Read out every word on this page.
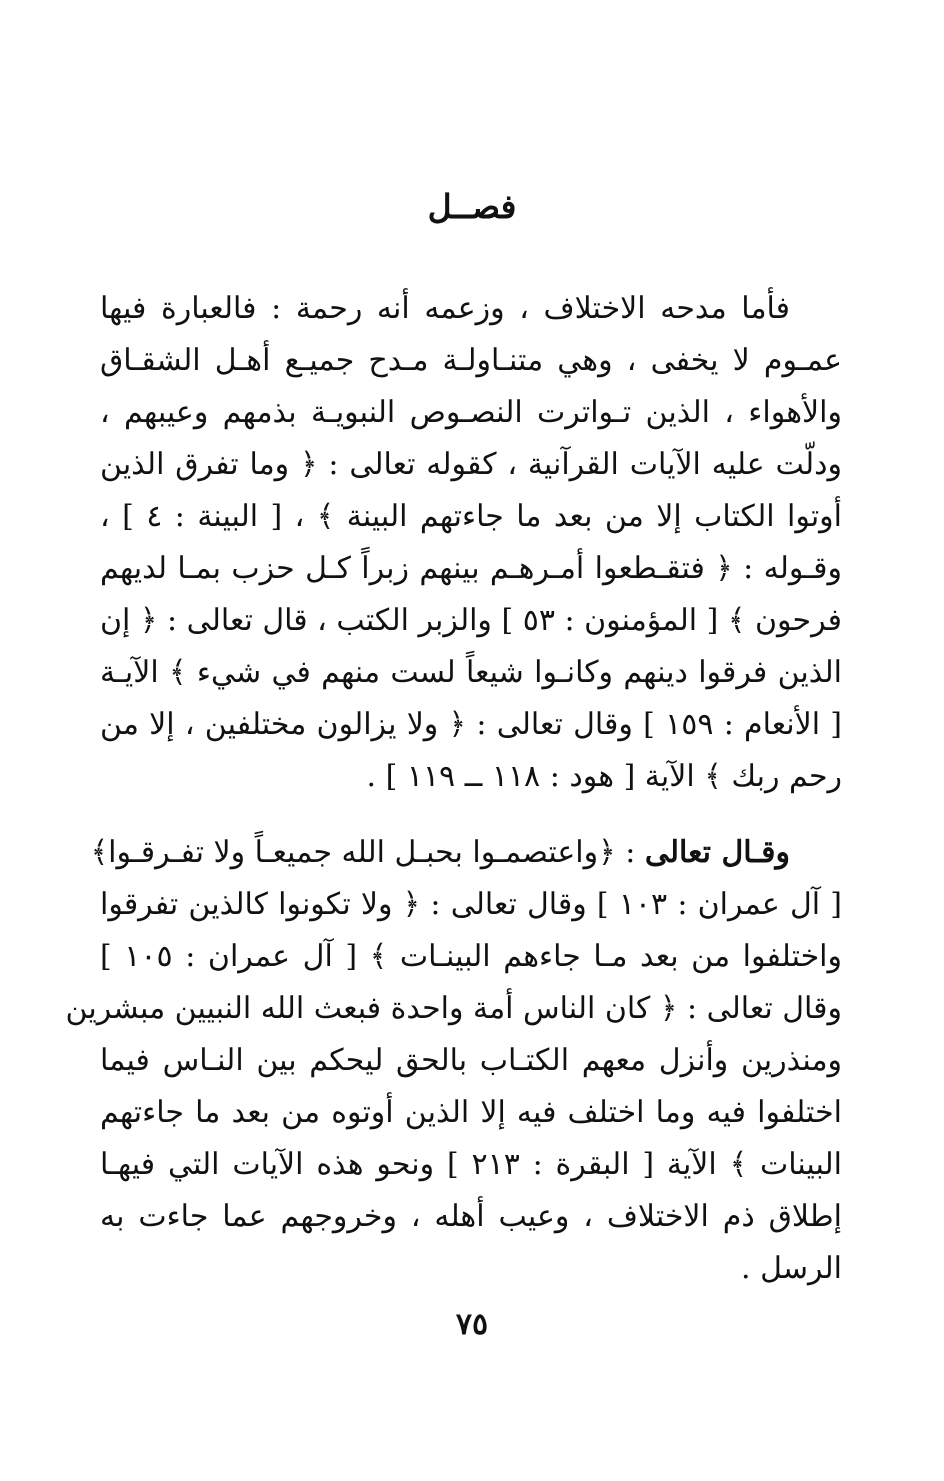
فصــل
فأما مدحه الاختلاف ، وزعمه أنه رحمة : فالعبارة فيها
عمـوم لا يخفى ، وهي متنـاولـة مـدح جميـع أهـل الشقـاق
والأهواء ، الذين تـواترت النصـوص النبويـة بذمهم وعيبهم ،
ودلّت عليه الآيات القرآنية ، كقوله تعالى : ﴿ وما تفرق الذين
أوتوا الكتاب إلا من بعد ما جاءتهم البينة ﴾ ، [ البينة : ٤ ] ،
وقـوله : ﴿ فتقـطعوا أمـرهـم بينهم زبراً كـل حزب بمـا لديهم
فرحون ﴾ [ المؤمنون : ٥٣ ] والزبر الكتب ، قال تعالى : ﴿ إن
الذين فرقوا دينهم وكانـوا شيعاً لست منهم في شيء ﴾ الآيـة
[ الأنعام : ١٥٩ ] وقال تعالى : ﴿ ولا يزالون مختلفين ، إلا من
رحم ربك ﴾ الآية [ هود : ١١٨ ــ ١١٩ ] .
وقـال تعالى : ﴿واعتصمـوا بحبـل الله جميعـاً ولا تفـرقـوا﴾
[ آل عمران : ١٠٣ ] وقال تعالى : ﴿ ولا تكونوا كالذين تفرقوا
واختلفوا من بعد مـا جاءهم البينـات ﴾ [ آل عمران : ١٠٥ ]
وقال تعالى : ﴿ كان الناس أمة واحدة فبعث الله النبيين مبشرين
ومنذرين وأنزل معهم الكتـاب بالحق ليحكم بين النـاس فيما
اختلفوا فيه وما اختلف فيه إلا الذين أوتوه من بعد ما جاءتهم
البينات ﴾ الآية [ البقرة : ٢١٣ ] ونحو هذه الآيات التي فيهـا
إطلاق ذم الاختلاف ، وعيب أهله ، وخروجهم عما جاءت به
الرسل .
٧٥
